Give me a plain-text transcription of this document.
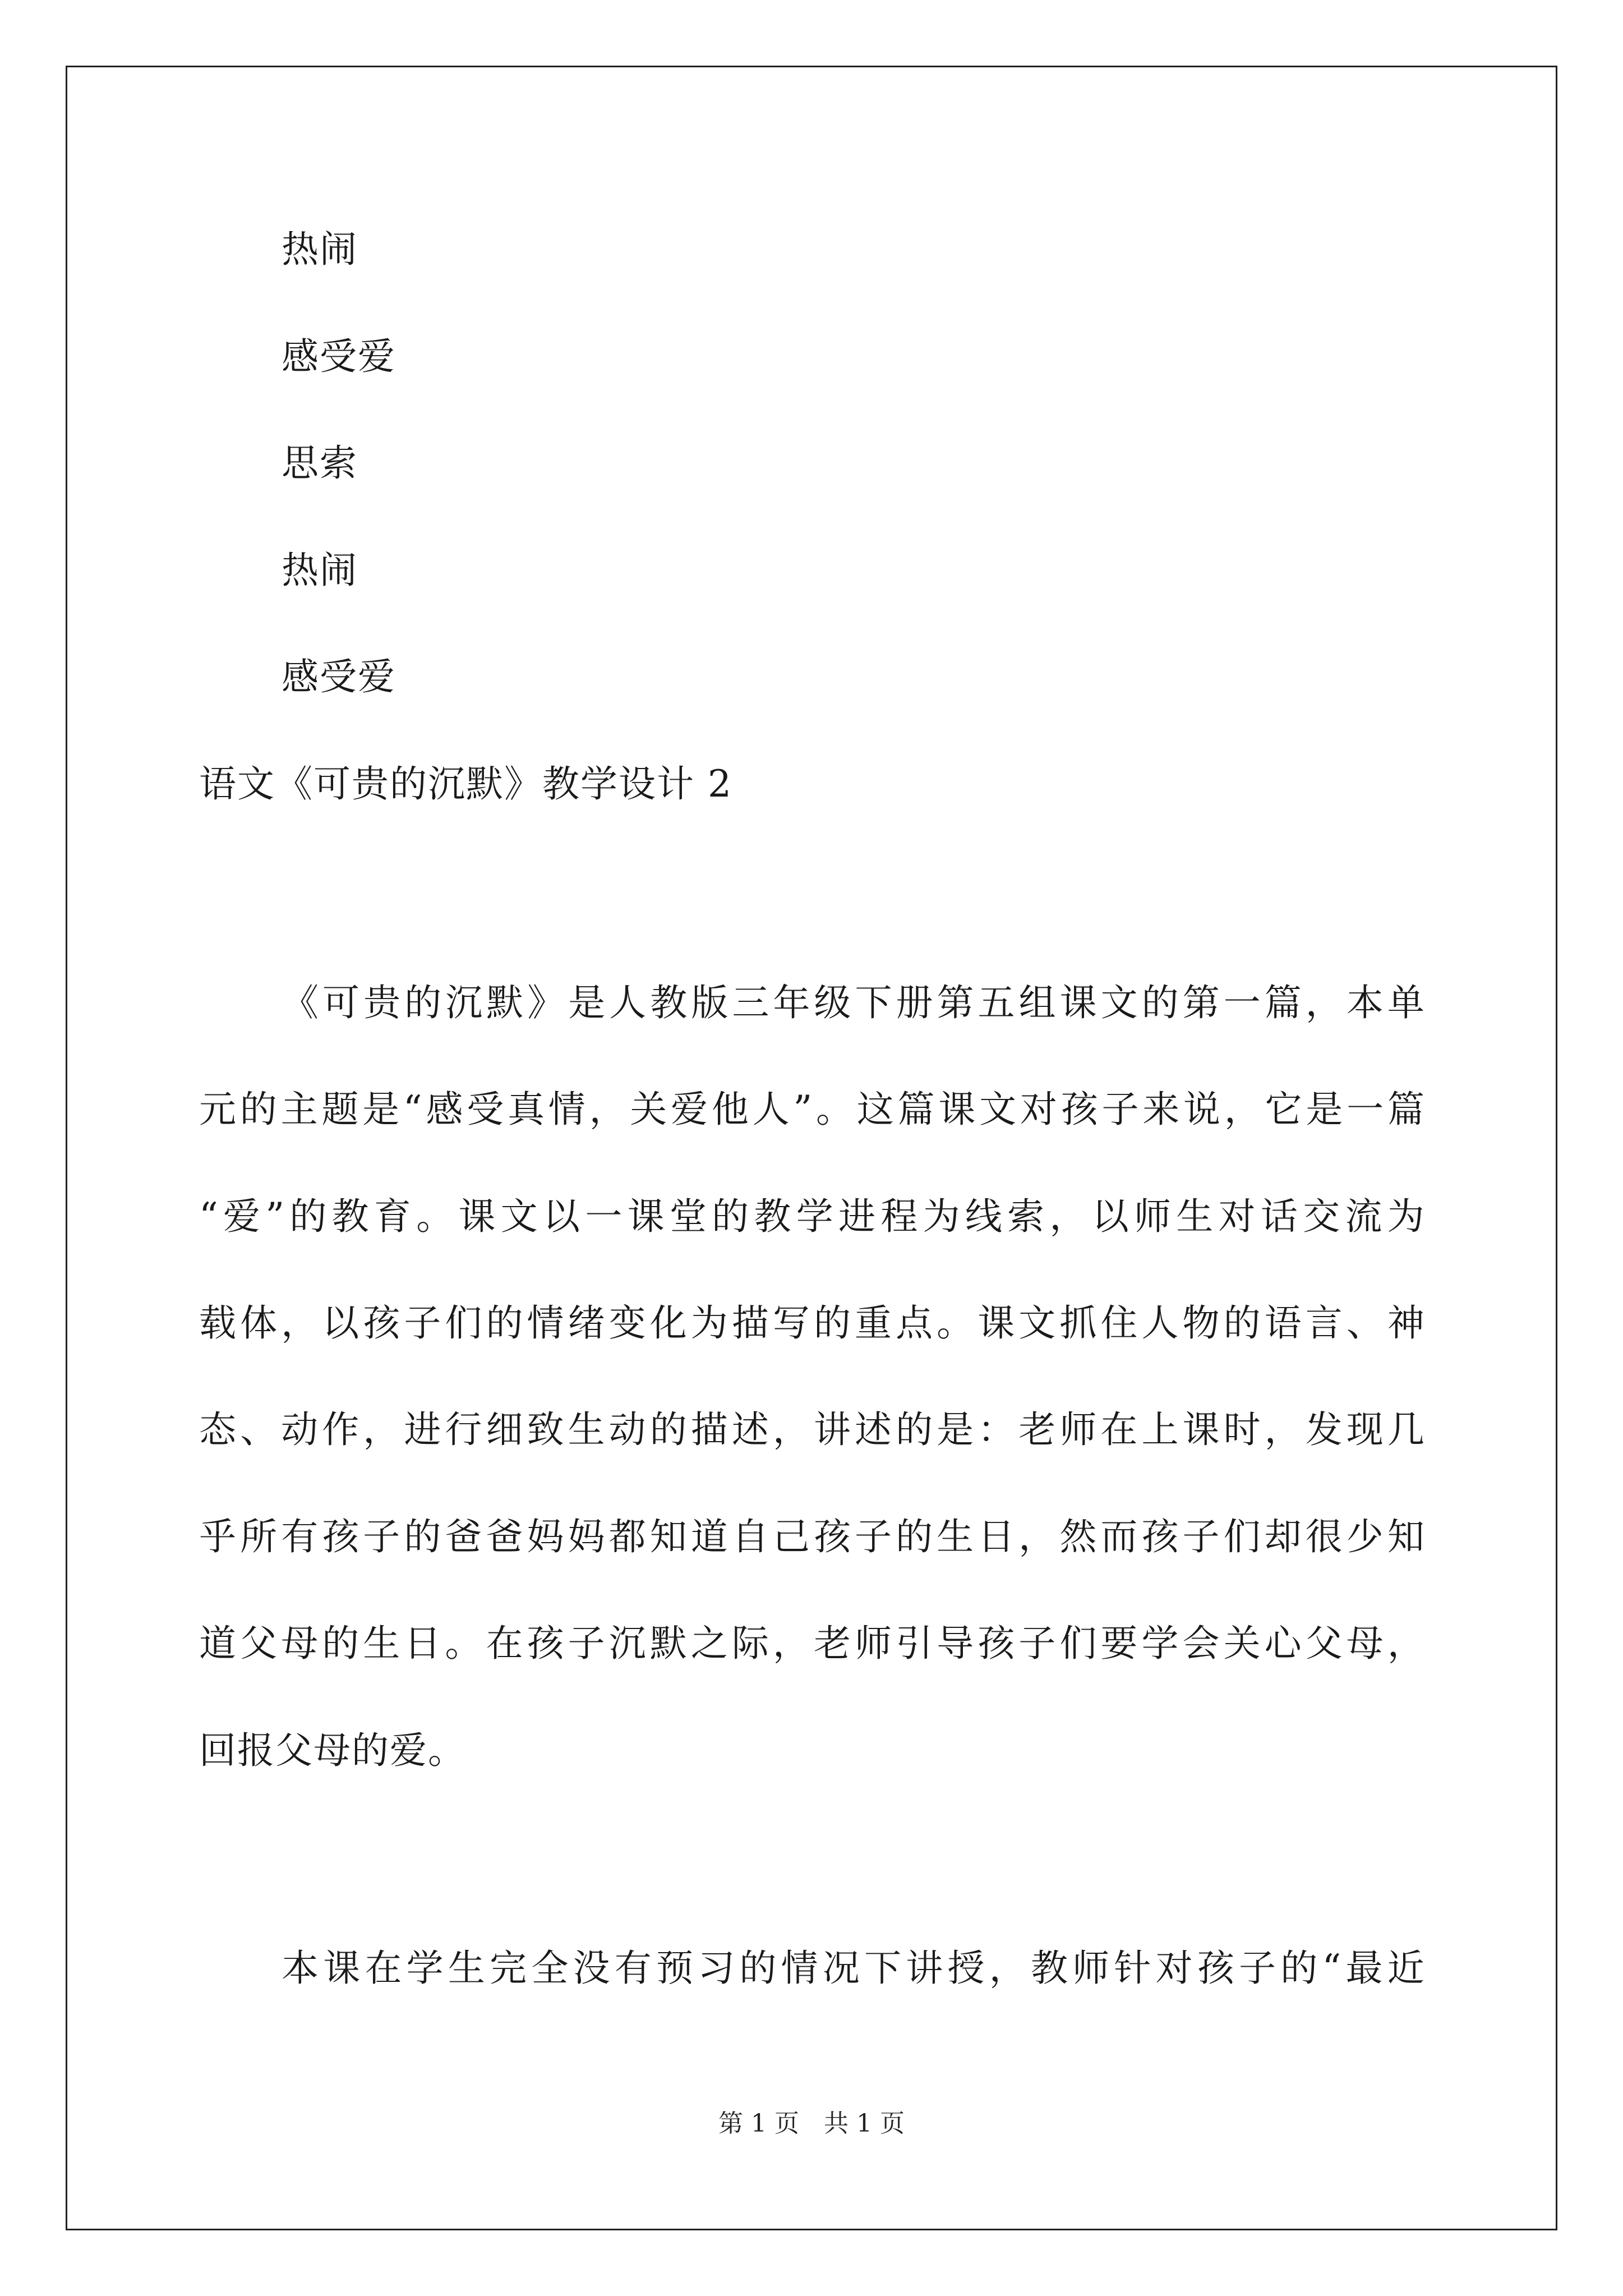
热闹
感受爱
思索
热闹
感受爱
语文《可贵的沉默》教学设计 2
《 可 贵 的 沉 默 》 是 人 教 版 三 年 级 下 册 第 五 组 课 文 的 第 一 篇 ， 本 单
元 的 主 题 是 “ 感 受 真 情 ， 关 爱 他 人 ” 。 这 篇 课 文 对 孩 子 来 说 ， 它 是 一 篇
“ 爱 ” 的 教 育 。 课 文 以 一 课 堂 的 教 学 进 程 为 线 索 ， 以 师 生 对 话 交 流 为
载 体 ， 以 孩 子 们 的 情 绪 变 化 为 描 写 的 重 点 。 课 文 抓 住 人 物 的 语 言 、 神
态 、 动 作 ， 进 行 细 致 生 动 的 描 述 ， 讲 述 的 是 ： 老 师 在 上 课 时 ， 发 现 几
乎 所 有 孩 子 的 爸 爸 妈 妈 都 知 道 自 己 孩 子 的 生 日 ， 然 而 孩 子 们 却 很 少 知
道 父 母 的 生 日 。 在 孩 子 沉 默 之 际 ， 老 师 引 导 孩 子 们 要 学 会 关 心 父 母 ，
回报父母的爱。
本 课 在 学 生 完 全 没 有 预 习 的 情 况 下 讲 授 ， 教 师 针 对 孩 子 的 “ 最 近
第 1 页　共 1 页
